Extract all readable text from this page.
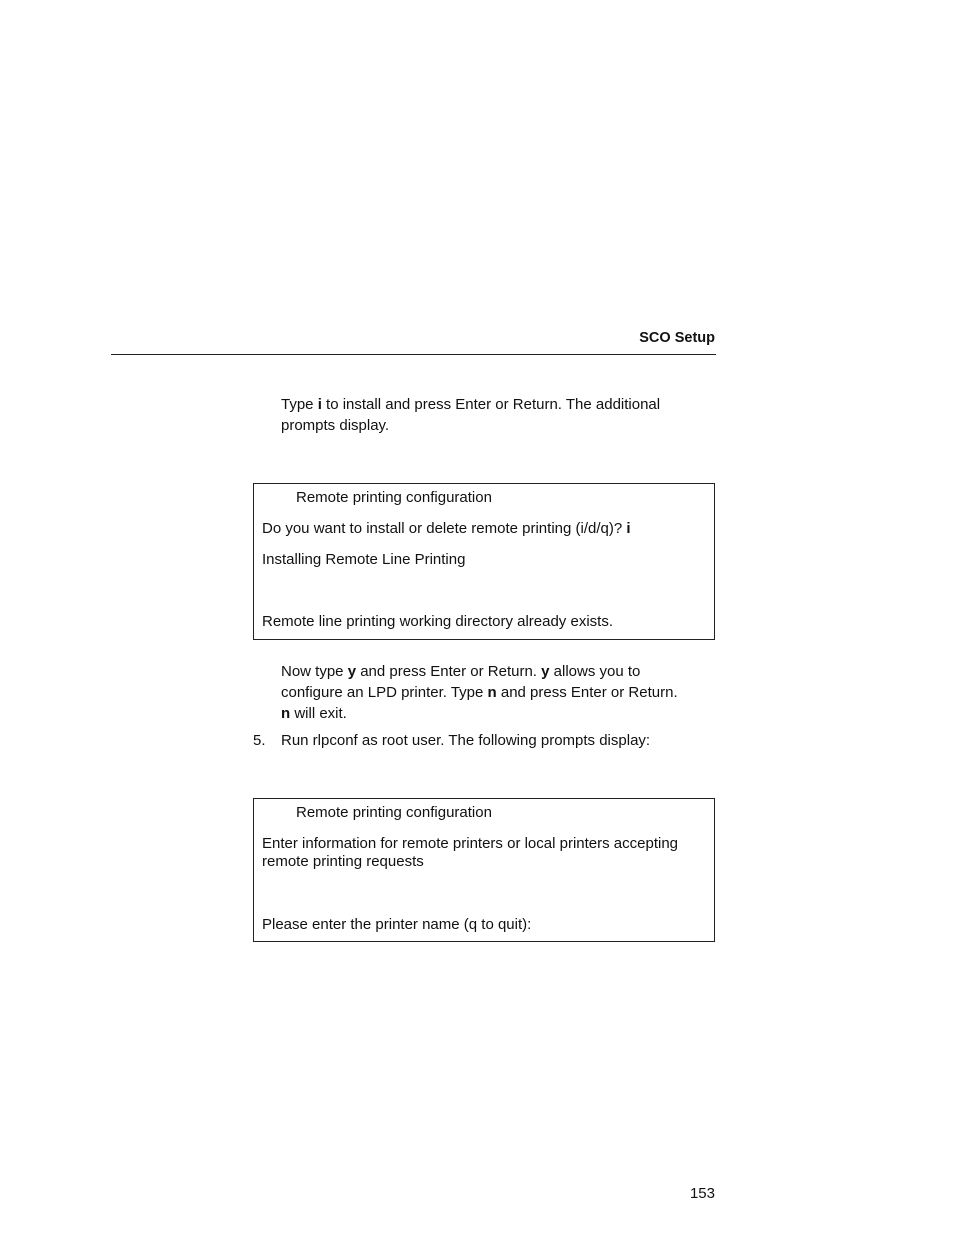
SCO Setup
Type i to install and press Enter or Return. The additional
prompts display.
Remote printing configuration
Do you want to install or delete remote printing (i/d/q)? i
Installing Remote Line Printing
Remote line printing working directory already exists.
Now type y and press Enter or Return. y allows you to
configure an LPD printer. Type n and press Enter or Return.
n will exit.
5. Run rlpconf as root user. The following prompts display:
Remote printing configuration
Enter information for remote printers or local printers accepting
remote printing requests
Please enter the printer name (q to quit):
153
